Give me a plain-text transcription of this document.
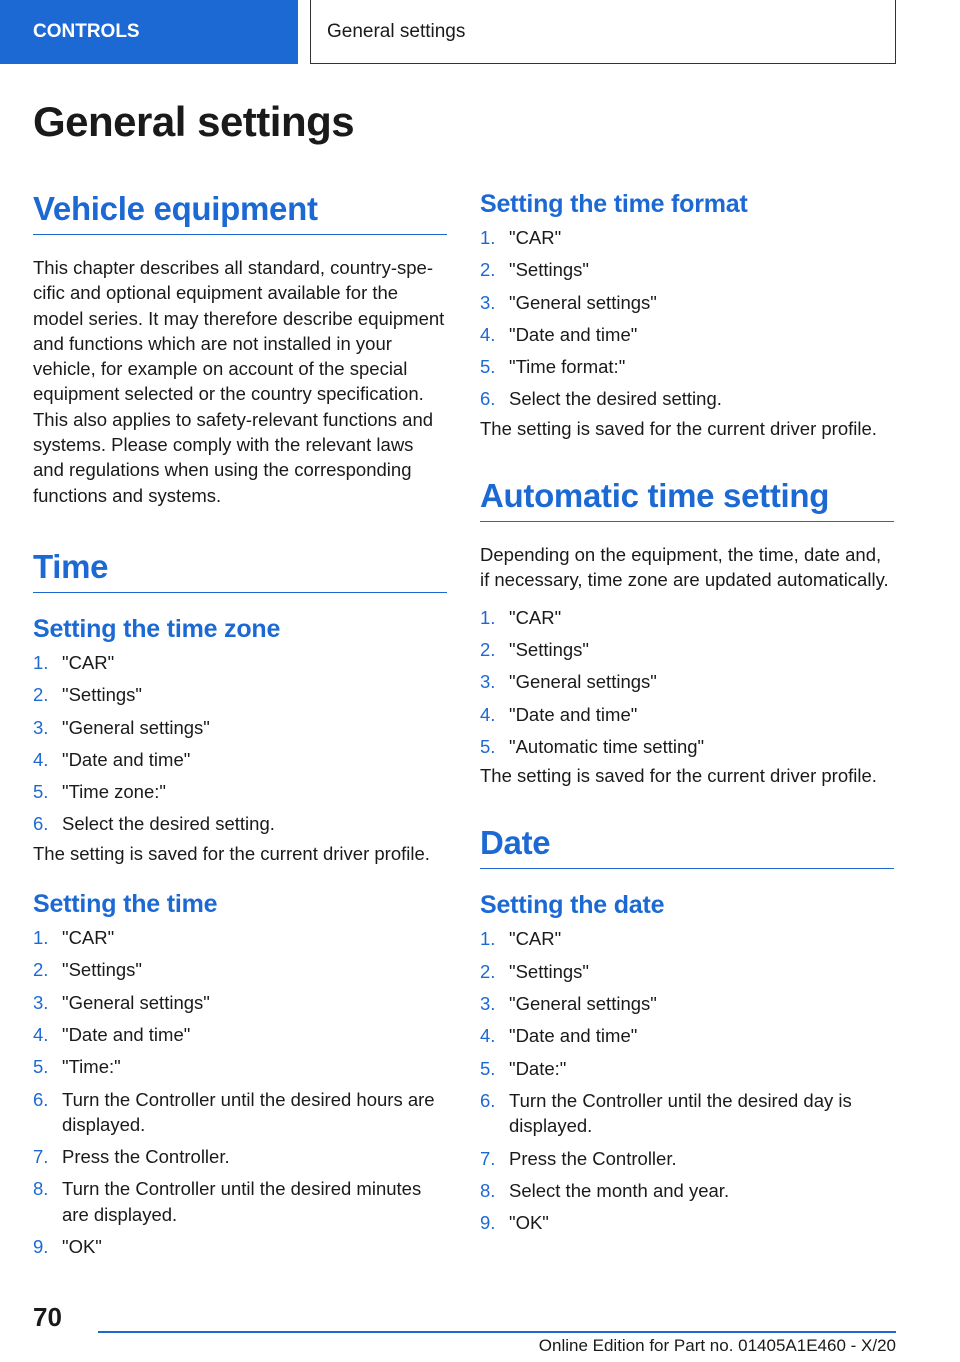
CONTROLS	General settings
General settings
Vehicle equipment

This chapter describes all standard, country-specific and optional equipment available for the model series. It may therefore describe equipment and functions which are not installed in your vehicle, for example on account of the special equipment selected or the country specification. This also applies to safety-relevant functions and systems. Please comply with the relevant laws and regulations when using the corresponding functions and systems.

Time
Setting the time zone
1. "CAR"
2. "Settings"
3. "General settings"
4. "Date and time"
5. "Time zone:"
6. Select the desired setting.

The setting is saved for the current driver profile.

Setting the time
1. "CAR"
2. "Settings"
3. "General settings"
4. "Date and time"
5. "Time:"
6. Turn the Controller until the desired hours are displayed.
7. Press the Controller.
8. Turn the Controller until the desired minutes are displayed.
9. "OK"
Setting the time format
1. "CAR"
2. "Settings"
3. "General settings"
4. "Date and time"
5. "Time format:"
6. Select the desired setting.

The setting is saved for the current driver profile.

Automatic time setting

Depending on the equipment, the time, date and, if necessary, time zone are updated automatically.

1. "CAR"
2. "Settings"
3. "General settings"
4. "Date and time"
5. "Automatic time setting"

The setting is saved for the current driver profile.

Date
Setting the date
1. "CAR"
2. "Settings"
3. "General settings"
4. "Date and time"
5. "Date:"
6. Turn the Controller until the desired day is displayed.
7. Press the Controller.
8. Select the month and year.
9. "OK"
70
Online Edition for Part no. 01405A1E460 - X/20
